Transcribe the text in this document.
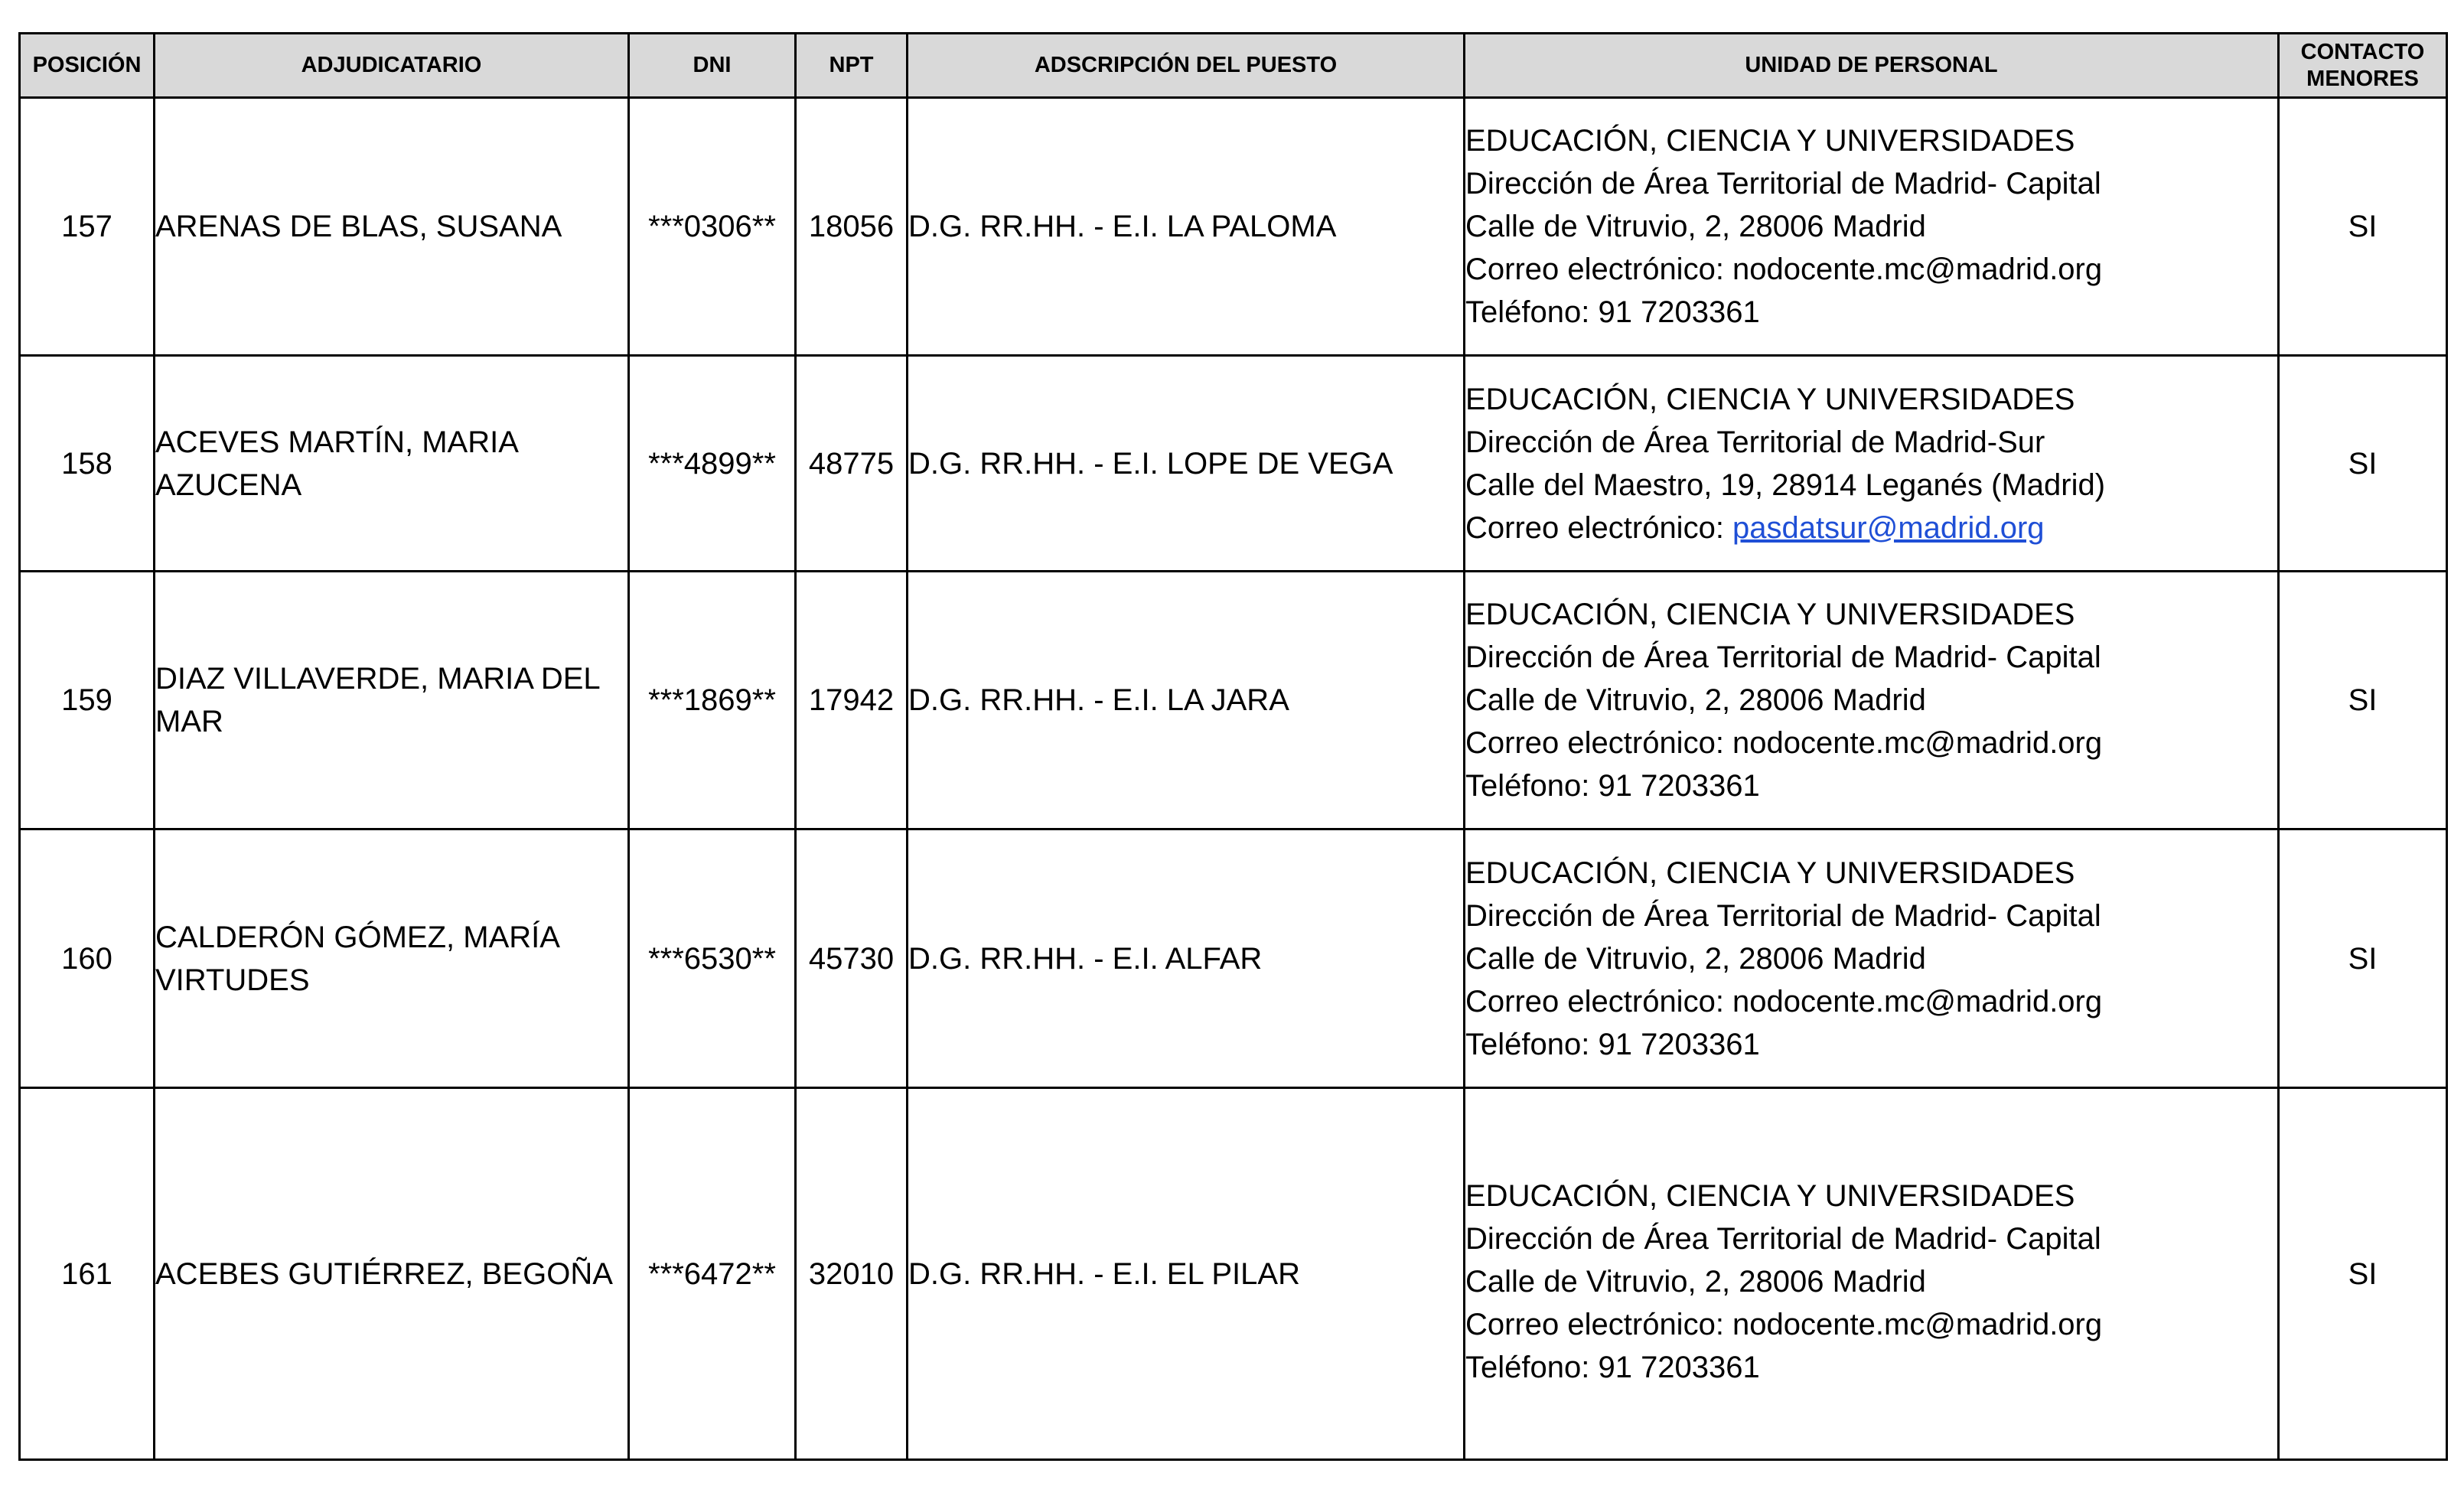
POSICIÓN	ADJUDICATARIO	DNI	NPT	ADSCRIPCIÓN DEL PUESTO	UNIDAD DE PERSONAL	CONTACTO MENORES
157	ARENAS DE BLAS, SUSANA	***0306**	18056	D.G. RR.HH. - E.I. LA PALOMA	EDUCACIÓN, CIENCIA Y UNIVERSIDADES
Dirección de Área Territorial de Madrid- Capital
Calle de Vitruvio, 2, 28006 Madrid
Correo electrónico: nodocente.mc@madrid.org
Teléfono: 91 7203361	SI
158	ACEVES MARTÍN, MARIA AZUCENA	***4899**	48775	D.G. RR.HH. - E.I. LOPE DE VEGA	EDUCACIÓN, CIENCIA Y UNIVERSIDADES
Dirección de Área Territorial de Madrid-Sur
Calle del Maestro, 19, 28914 Leganés (Madrid)
Correo electrónico: pasdatsur@madrid.org	SI
159	DIAZ VILLAVERDE, MARIA DEL MAR	***1869**	17942	D.G. RR.HH. - E.I. LA JARA	EDUCACIÓN, CIENCIA Y UNIVERSIDADES
Dirección de Área Territorial de Madrid- Capital
Calle de Vitruvio, 2, 28006 Madrid
Correo electrónico: nodocente.mc@madrid.org
Teléfono: 91 7203361	SI
160	CALDERÓN GÓMEZ, MARÍA VIRTUDES	***6530**	45730	D.G. RR.HH. - E.I. ALFAR	EDUCACIÓN, CIENCIA Y UNIVERSIDADES
Dirección de Área Territorial de Madrid- Capital
Calle de Vitruvio, 2, 28006 Madrid
Correo electrónico: nodocente.mc@madrid.org
Teléfono: 91 7203361	SI
161	ACEBES GUTIÉRREZ, BEGOÑA	***6472**	32010	D.G. RR.HH. - E.I. EL PILAR	EDUCACIÓN, CIENCIA Y UNIVERSIDADES
Dirección de Área Territorial de Madrid- Capital
Calle de Vitruvio, 2, 28006 Madrid
Correo electrónico: nodocente.mc@madrid.org
Teléfono: 91 7203361	SI
